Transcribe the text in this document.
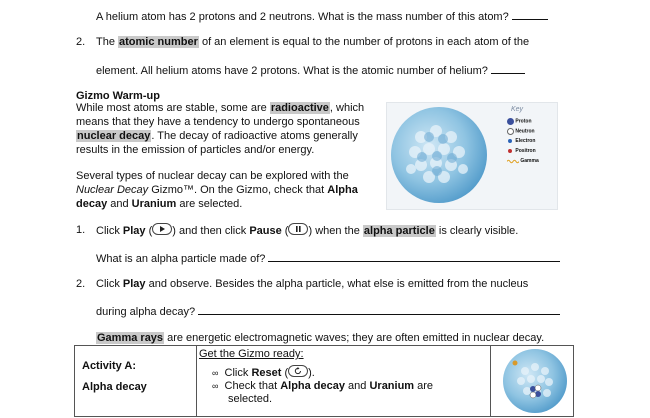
A helium atom has 2 protons and 2 neutrons. What is the mass number of this atom?
2. The atomic number of an element is equal to the number of protons in each atom of the
element. All helium atoms have 2 protons. What is the atomic number of helium?
Gizmo Warm-up
While most atoms are stable, some are radioactive, which
means that they have a tendency to undergo spontaneous
nuclear decay. The decay of radioactive atoms generally
results in the emission of particles and/or energy.
Several types of nuclear decay can be explored with the
Nuclear Decay Gizmo™. On the Gizmo, check that Alpha
decay and Uranium are selected.
Key
Proton
Neutron
Electron
Positron
Gamma
1. Click Play ( ) and then click Pause ( ) when the alpha particle is clearly visible.
What is an alpha particle made of?
2. Click Play and observe. Besides the alpha particle, what else is emitted from the nucleus
during alpha decay?
Gamma rays are energetic electromagnetic waves; they are often emitted in nuclear decay.
Activity A:
Alpha decay
Get the Gizmo ready:
∞ Click Reset ( ).
∞ Check that Alpha decay and Uranium are
selected.
